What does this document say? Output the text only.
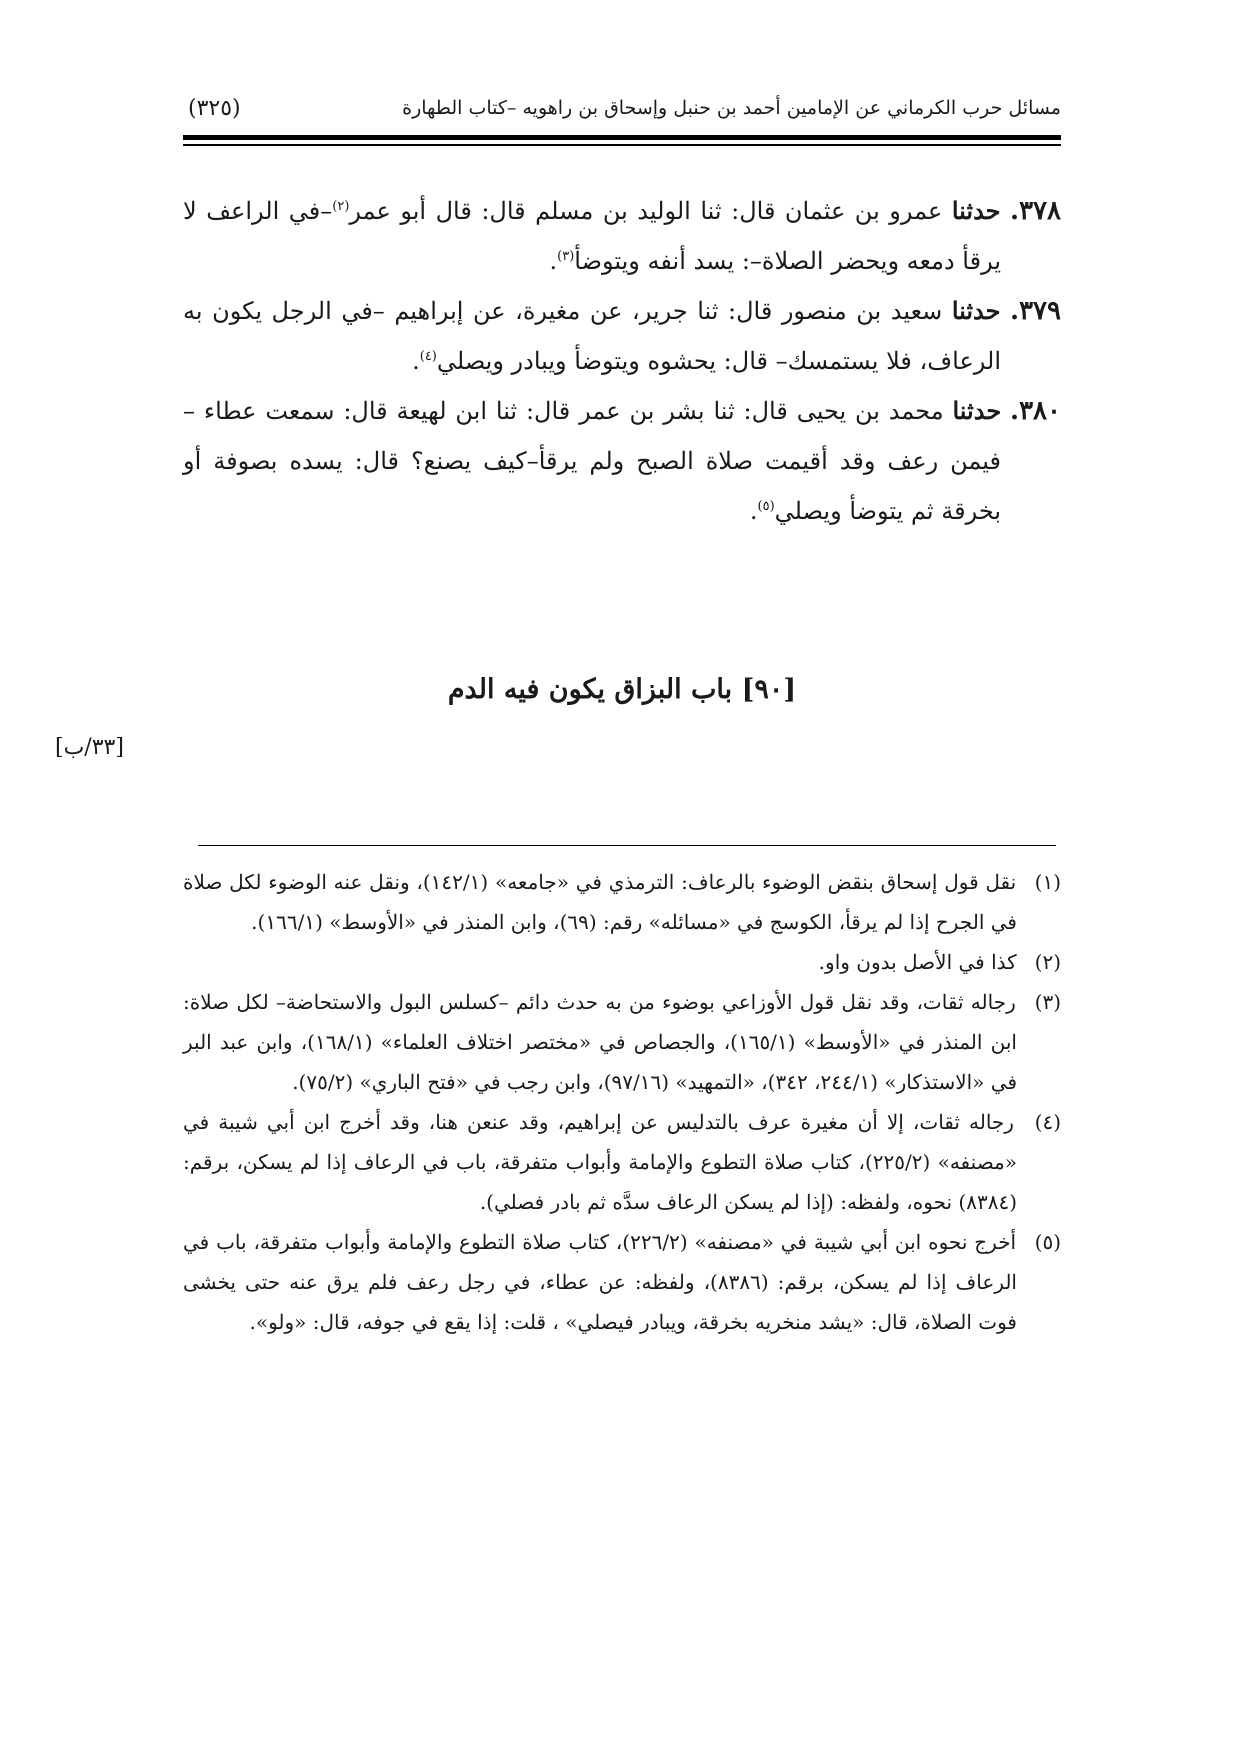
مسائل حرب الكرماني عن الإمامين أحمد بن حنبل وإسحاق بن راهويه –كتاب الطهارة
(٣٢٥)

٣٧٨. حدثنا عمرو بن عثمان قال: ثنا الوليد بن مسلم قال: قال أبو عمر$^{(٢)}$–في الراعف لا يرقأ دمعه ويحضر الصلاة–: يسد أنفه ويتوضأ$^{(٣)}$.

٣٧٩. حدثنا سعيد بن منصور قال: ثنا جرير، عن مغيرة، عن إبراهيم –في الرجل يكون به الرعاف، فلا يستمسك– قال: يحشوه ويتوضأ ويبادر ويصلي$^{(٤)}$.

٣٨٠. حدثنا محمد بن يحيى قال: ثنا بشر بن عمر قال: ثنا ابن لهيعة قال: سمعت عطاء – فيمن رعف وقد أقيمت صلاة الصبح ولم يرقأ–كيف يصنع؟ قال: يسده بصوفة أو بخرقة ثم يتوضأ ويصلي$^{(٥)}$.

[٩٠] باب البزاق يكون فيه الدم
[٣٣/ب]

(١) نقل قول إسحاق بنقض الوضوء بالرعاف: الترمذي في «جامعه» (١٤٢/١)، ونقل عنه الوضوء لكل صلاة في الجرح إذا لم يرقأ، الكوسج في «مسائله» رقم: (٦٩)، وابن المنذر في «الأوسط» (١٦٦/١).

(٢) كذا في الأصل بدون واو.

(٣) رجاله ثقات، وقد نقل قول الأوزاعي بوضوء من به حدث دائم –كسلس البول والاستحاضة– لكل صلاة: ابن المنذر في «الأوسط» (١٦٥/١)، والجصاص في «مختصر اختلاف العلماء» (١٦٨/١)، وابن عبد البر في «الاستذكار» (٢٤٤/١، ٣٤٢)، «التمهيد» (٩٧/١٦)، وابن رجب في «فتح الباري» (٧٥/٢).

(٤) رجاله ثقات، إلا أن مغيرة عرف بالتدليس عن إبراهيم، وقد عنعن هنا، وقد أخرج ابن أبي شيبة في «مصنفه» (٢٢٥/٢)، كتاب صلاة التطوع والإمامة وأبواب متفرقة، باب في الرعاف إذا لم يسكن، برقم: (٨٣٨٤) نحوه، ولفظه: (إذا لم يسكن الرعاف سدَّه ثم بادر فصلي).

(٥) أخرج نحوه ابن أبي شيبة في «مصنفه» (٢٢٦/٢)، كتاب صلاة التطوع والإمامة وأبواب متفرقة، باب في الرعاف إذا لم يسكن، برقم: (٨٣٨٦)، ولفظه: عن عطاء، في رجل رعف فلم يرق عنه حتى يخشى فوت الصلاة، قال: «يشد منخريه بخرقة، ويبادر فيصلي» ، قلت: إذا يقع في جوفه، قال: «ولو».
